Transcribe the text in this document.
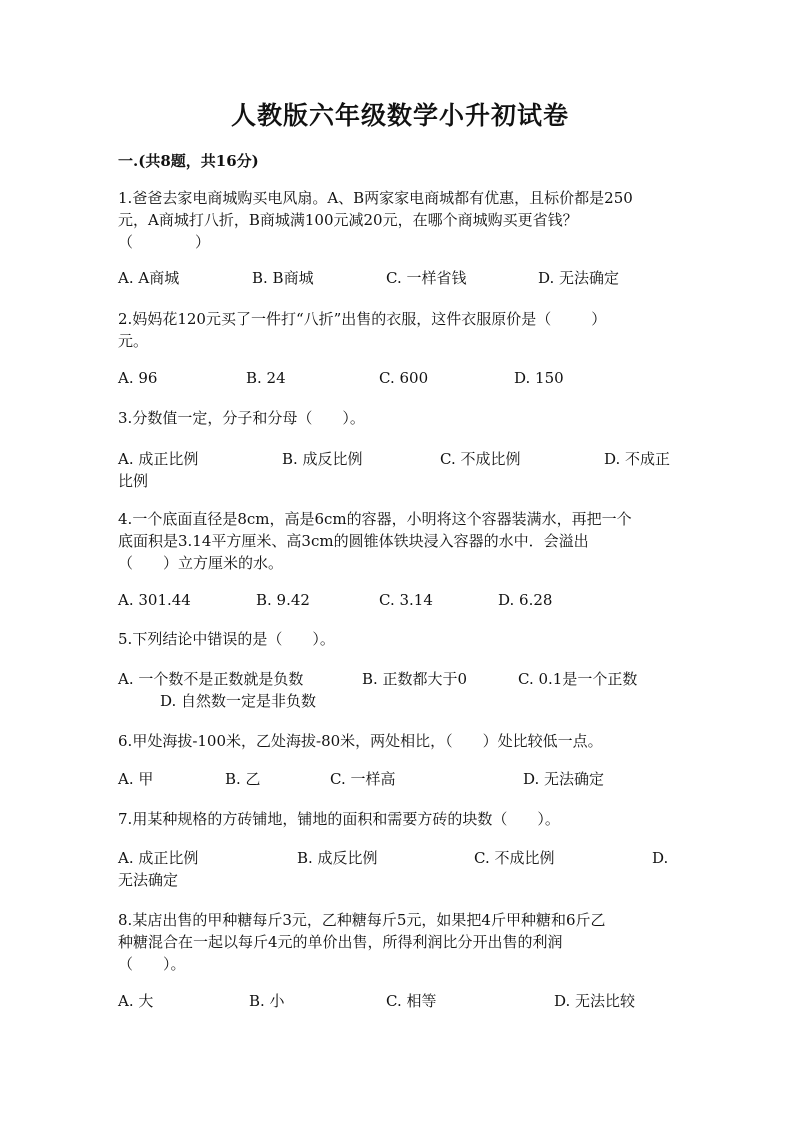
人教版六年级数学小升初试卷
一.(共8题，共16分)
1.爸爸去家电商城购买电风扇。A、B两家家电商城都有优惠，且标价都是250
元，A商城打八折，B商城满100元减20元，在哪个商城购买更省钱？
（	）
A. A商城	B. B商城	C. 一样省钱	D. 无法确定
2.妈妈花120元买了一件打“八折”出售的衣服，这件衣服原价是（	）
元。
A. 96	B. 24	C. 600	D. 150
3.分数值一定，分子和分母（　　）。
A. 成正比例	B. 成反比例	C. 不成比例	D. 不成正
比例
4.一个底面直径是8cm，高是6cm的容器，小明将这个容器装满水，再把一个
底面积是3.14平方厘米、高3cm的圆锥体铁块浸入容器的水中．会溢出
（　　）立方厘米的水。
A. 301.44	B. 9.42	C. 3.14	D. 6.28
5.下列结论中错误的是（　　）。
A. 一个数不是正数就是负数	B. 正数都大于0	C. 0.1是一个正数
D. 自然数一定是非负数
6.甲处海拔-100米，乙处海拔-80米，两处相比，（　　）处比较低一点。
A. 甲	B. 乙	C. 一样高	D. 无法确定
7.用某种规格的方砖铺地，铺地的面积和需要方砖的块数（　　）。
A. 成正比例	B. 成反比例	C. 不成比例	D.
无法确定
8.某店出售的甲种糖每斤3元，乙种糖每斤5元，如果把4斤甲种糖和6斤乙
种糖混合在一起以每斤4元的单价出售，所得利润比分开出售的利润
（　　）。
A. 大	B. 小	C. 相等	D. 无法比较
